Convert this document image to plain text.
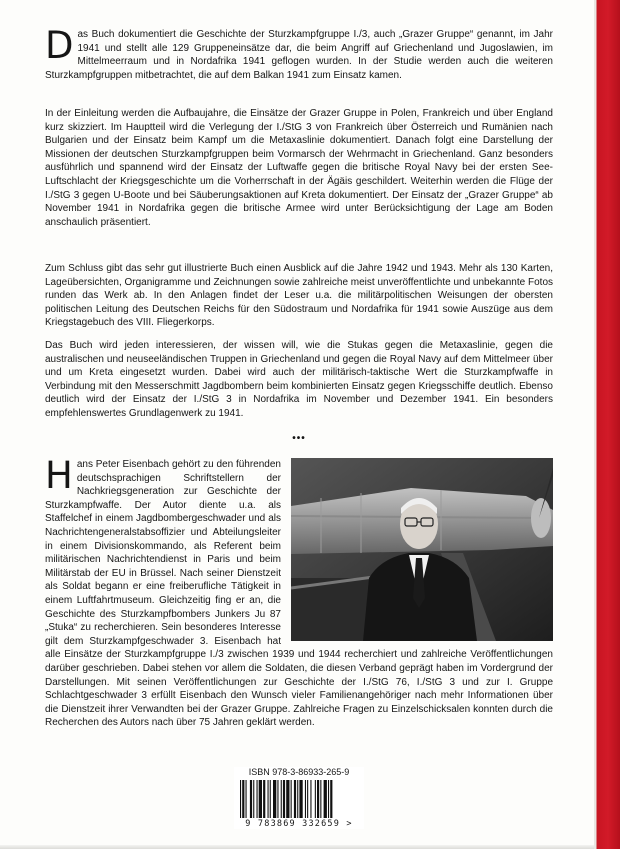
Das Buch dokumentiert die Geschichte der Sturzkampfgruppe I./3, auch „Grazer Gruppe“ genannt, im Jahr 1941 und stellt alle 129 Gruppeneinsätze dar, die beim Angriff auf Griechenland und Jugoslawien, im Mittelmeerraum und in Nordafrika 1941 geflogen wurden. In der Studie werden auch die weiteren Sturzkampfgruppen mitbetrachtet, die auf dem Balkan 1941 zum Einsatz kamen.

In der Einleitung werden die Aufbaujahre, die Einsätze der Grazer Gruppe in Polen, Frankreich und über England kurz skizziert. Im Hauptteil wird die Verlegung der I./StG 3 von Frankreich über Österreich und Rumänien nach Bulgarien und der Einsatz beim Kampf um die Metaxaslinie dokumentiert. Danach folgt eine Darstellung der Missionen der deutschen Sturzkampfgruppen beim Vormarsch der Wehrmacht in Griechenland. Ganz besonders ausführlich und spannend wird der Einsatz der Luftwaffe gegen die britische Royal Navy bei der ersten See-Luftschlacht der Kriegsgeschichte um die Vorherrschaft in der Ägäis geschildert. Weiterhin werden die Flüge der I./StG 3 gegen U-Boote und bei Säuberungsaktionen auf Kreta dokumentiert. Der Einsatz der „Grazer Gruppe“ ab November 1941 in Nordafrika gegen die britische Armee wird unter Berücksichtigung der Lage am Boden anschaulich präsentiert.

Zum Schluss gibt das sehr gut illustrierte Buch einen Ausblick auf die Jahre 1942 und 1943. Mehr als 130 Karten, Lageübersichten, Organigramme und Zeichnungen sowie zahlreiche meist unveröffentlichte und unbekannte Fotos runden das Werk ab. In den Anlagen findet der Leser u.a. die militärpolitischen Weisungen der obersten politischen Leitung des Deutschen Reichs für den Südostraum und Nordafrika für 1941 sowie Auszüge aus dem Kriegstagebuch des VIII. Fliegerkorps.

Das Buch wird jeden interessieren, der wissen will, wie die Stukas gegen die Metaxaslinie, gegen die australischen und neuseeländischen Truppen in Griechenland und gegen die Royal Navy auf dem Mittelmeer über und um Kreta eingesetzt wurden. Dabei wird auch der militärisch-taktische Wert die Sturzkampfwaffe in Verbindung mit den Messerschmitt Jagdbombern beim kombinierten Einsatz gegen Kriegsschiffe deutlich. Ebenso deutlich wird der Einsatz der I./StG 3 in Nordafrika im November und Dezember 1941. Ein besonders empfehlenswertes Grundlagenwerk zu 1941.

•••

Hans Peter Eisenbach gehört zu den führenden deutschsprachigen Schriftstellern der Nachkriegsgeneration zur Geschichte der Sturzkampfwaffe. Der Autor diente u.a. als Staffelchef in einem Jagdbombergeschwader und als Nachrichtengeneralstabsoffizier und Abteilungsleiter in einem Divisionskommando, als Referent beim militärischen Nachrichtendienst in Paris und beim Militärstab der EU in Brüssel. Nach seiner Dienstzeit als Soldat begann er eine freiberufliche Tätigkeit in einem Luftfahrtmuseum. Gleichzeitig fing er an, die Geschichte des Sturzkampfbombers Junkers Ju 87 „Stuka“ zu recherchieren. Sein besonderes Interesse gilt dem Sturzkampfgeschwader 3. Eisenbach hat alle Einsätze der Sturzkampfgruppe I./3 zwischen 1939 und 1944 recherchiert und zahlreiche Veröffentlichungen darüber geschrieben. Dabei stehen vor allem die Soldaten, die diesen Verband geprägt haben im Vordergrund der Darstellungen. Mit seinen Veröffentlichungen zur Geschichte der I./StG 76, I./StG 3 und zur I. Gruppe Schlachtgeschwader 3 erfüllt Eisenbach den Wunsch vieler Familienangehöriger nach mehr Informationen über die Dienstzeit ihrer Verwandten bei der Grazer Gruppe. Zahlreiche Fragen zu Einzelschicksalen konnten durch die Recherchen des Autors nach über 75 Jahren geklärt werden.

ISBN 978-3-86933-265-9
9 783869 332659 >
